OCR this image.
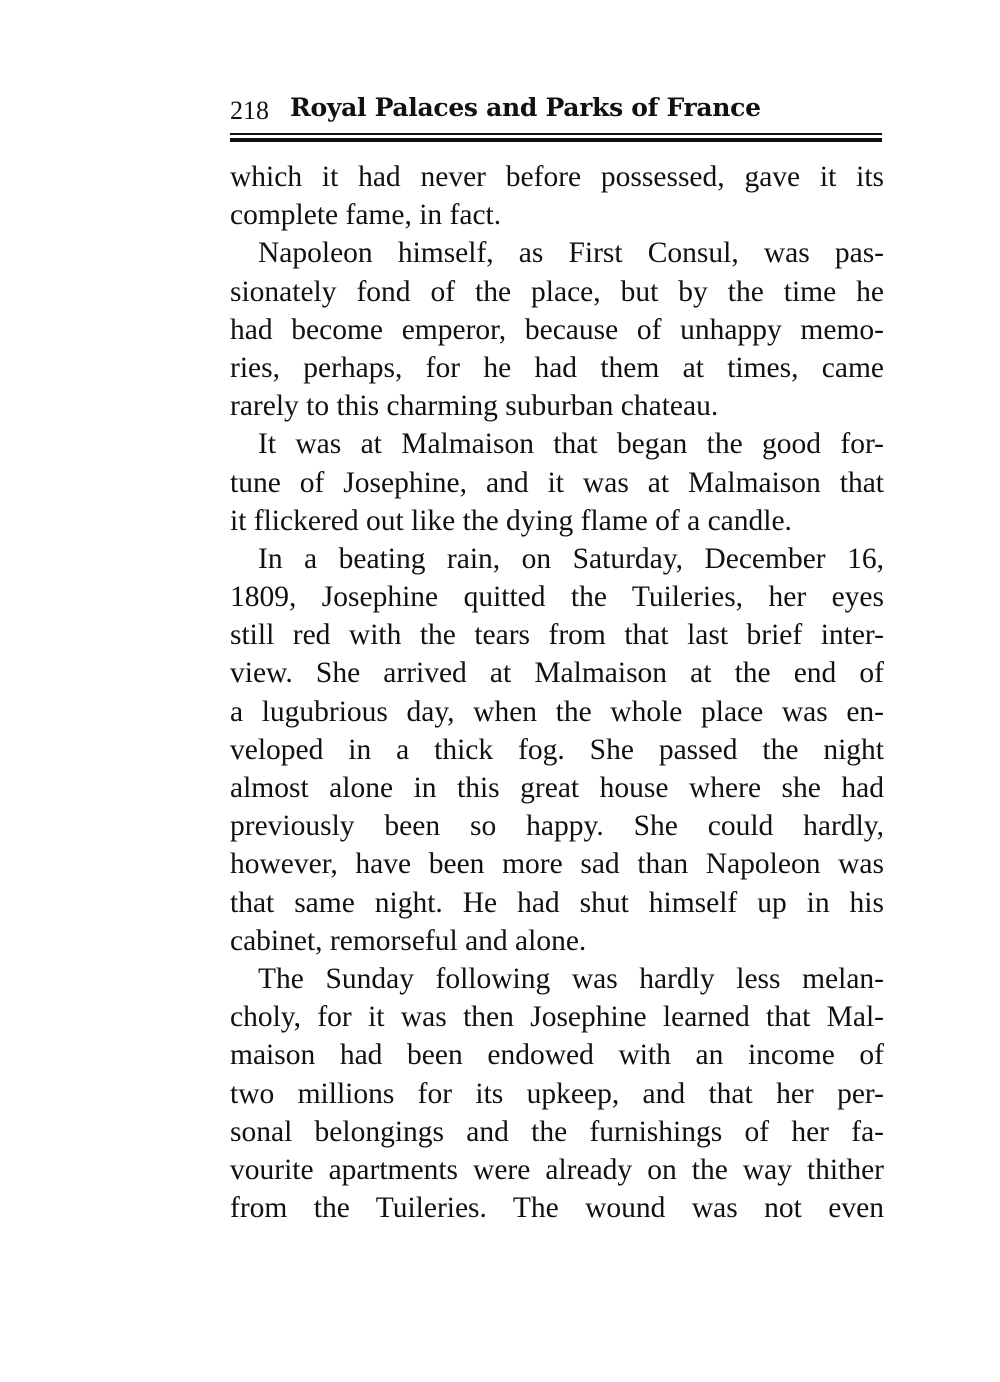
218 Royal Palaces and Parks of France
which it had never before possessed, gave it its
complete fame, in fact.
Napoleon himself, as First Consul, was pas-
sionately fond of the place, but by the time he
had become emperor, because of unhappy memo-
ries, perhaps, for he had them at times, came
rarely to this charming suburban chateau.
It was at Malmaison that began the good for-
tune of Josephine, and it was at Malmaison that
it flickered out like the dying flame of a candle.
In a beating rain, on Saturday, December 16,
1809, Josephine quitted the Tuileries, her eyes
still red with the tears from that last brief inter-
view. She arrived at Malmaison at the end of
a lugubrious day, when the whole place was en-
veloped in a thick fog. She passed the night
almost alone in this great house where she had
previously been so happy. She could hardly,
however, have been more sad than Napoleon was
that same night. He had shut himself up in his
cabinet, remorseful and alone.
The Sunday following was hardly less melan-
choly, for it was then Josephine learned that Mal-
maison had been endowed with an income of
two millions for its upkeep, and that her per-
sonal belongings and the furnishings of her fa-
vourite apartments were already on the way thither
from the Tuileries. The wound was not even
